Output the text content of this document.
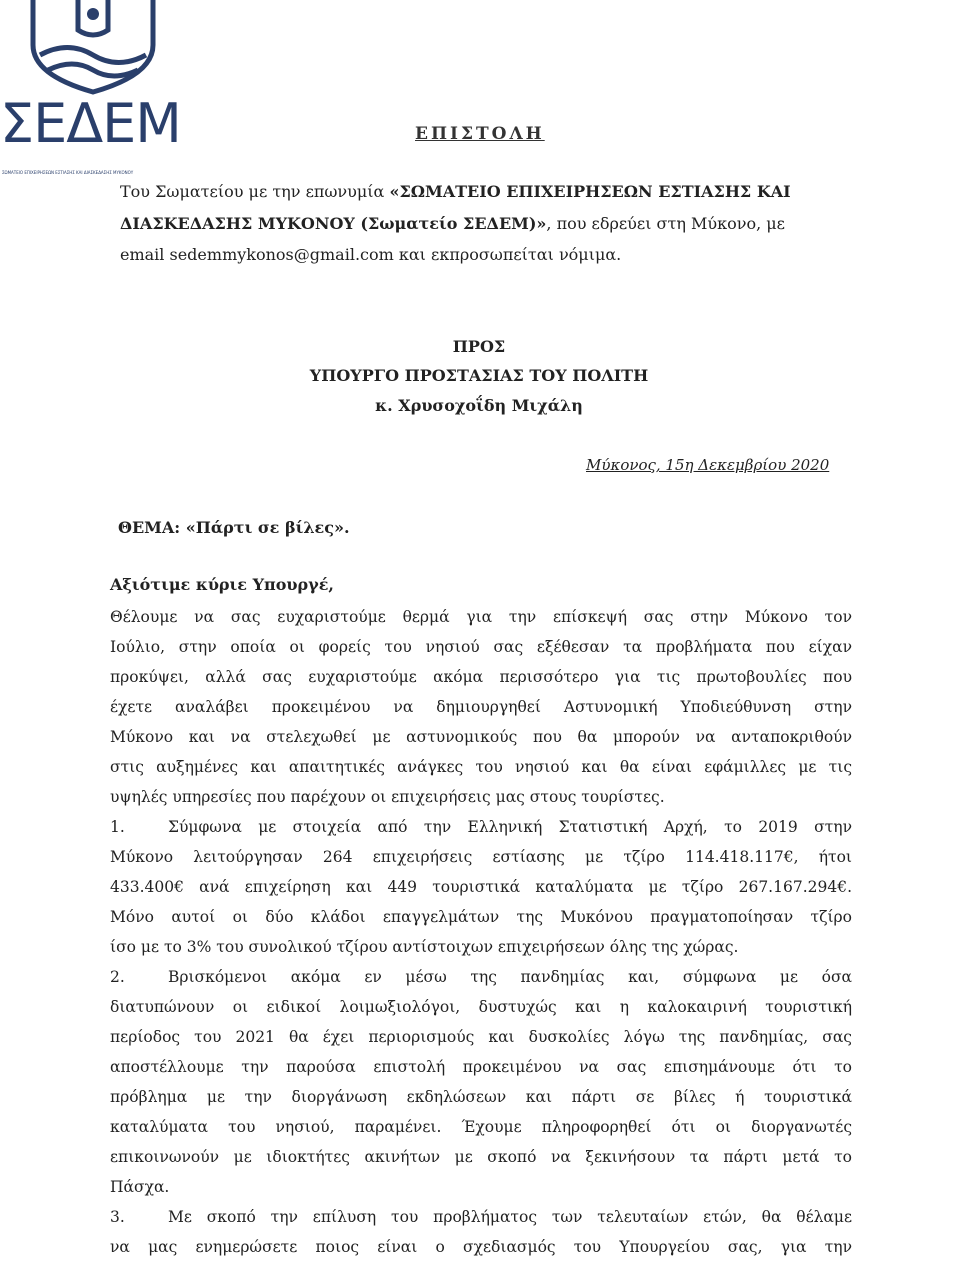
ΣΕΔΕΜ
ΣΩΜΑΤΕΙΟ ΕΠΙΧΕΙΡΗΣΕΩΝ ΕΣΤΙΑΣΗΣ ΚΑΙ ΔΙΑΣΚΕΔΑΣΗΣ ΜΥΚΟΝΟΥ
ΕΠΙΣΤΟΛΗ
Του Σωματείου με την επωνυμία «ΣΩΜΑΤΕΙΟ ΕΠΙΧΕΙΡΗΣΕΩΝ ΕΣΤΙΑΣΗΣ ΚΑΙ
ΔΙΑΣΚΕΔΑΣΗΣ ΜΥΚΟΝΟΥ (Σωματείο ΣΕΔΕΜ)», που εδρεύει στη Μύκονο, με
email sedemmykonos@gmail.com και εκπροσωπείται νόμιμα.
ΠΡΟΣ
ΥΠΟΥΡΓΟ ΠΡΟΣΤΑΣΙΑΣ ΤΟΥ ΠΟΛΙΤΗ
κ. Χρυσοχοΐδη Μιχάλη
Μύκονος, 15η Δεκεμβρίου 2020
ΘΕΜΑ: «Πάρτι σε βίλες».
Αξιότιμε κύριε Υπουργέ,
Θέλουμε να σας ευχαριστούμε θερμά για την επίσκεψή σας στην Μύκονο τον
Ιούλιο, στην οποία οι φορείς του νησιού σας εξέθεσαν τα προβλήματα που είχαν
προκύψει, αλλά σας ευχαριστούμε ακόμα περισσότερο για τις πρωτοβουλίες που
έχετε αναλάβει προκειμένου να δημιουργηθεί Αστυνομική Υποδιεύθυνση στην
Μύκονο και να στελεχωθεί με αστυνομικούς που θα μπορούν να ανταποκριθούν
στις αυξημένες και απαιτητικές ανάγκες του νησιού και θα είναι εφάμιλλες με τις
υψηλές υπηρεσίες που παρέχουν οι επιχειρήσεις μας στους τουρίστες.
1.	Σύμφωνα με στοιχεία από την Ελληνική Στατιστική Αρχή, το 2019 στην
Μύκονο λειτούργησαν 264 επιχειρήσεις εστίασης με τζίρο 114.418.117€, ήτοι
433.400€ ανά επιχείρηση και 449 τουριστικά καταλύματα με τζίρο 267.167.294€.
Μόνο αυτοί οι δύο κλάδοι επαγγελμάτων της Μυκόνου πραγματοποίησαν τζίρο
ίσο με το 3% του συνολικού τζίρου αντίστοιχων επιχειρήσεων όλης της χώρας.
2.	Βρισκόμενοι ακόμα εν μέσω της πανδημίας και, σύμφωνα με όσα
διατυπώνουν οι ειδικοί λοιμωξιολόγοι, δυστυχώς και η καλοκαιρινή τουριστική
περίοδος του 2021 θα έχει περιορισμούς και δυσκολίες λόγω της πανδημίας, σας
αποστέλλουμε την παρούσα επιστολή προκειμένου να σας επισημάνουμε ότι το
πρόβλημα με την διοργάνωση εκδηλώσεων και πάρτι σε βίλες ή τουριστικά
καταλύματα του νησιού, παραμένει. Έχουμε πληροφορηθεί ότι οι διοργανωτές
επικοινωνούν με ιδιοκτήτες ακινήτων με σκοπό να ξεκινήσουν τα πάρτι μετά το
Πάσχα.
3.	Με σκοπό την επίλυση του προβλήματος των τελευταίων ετών, θα θέλαμε
να μας ενημερώσετε ποιος είναι ο σχεδιασμός του Υπουργείου σας, για την
